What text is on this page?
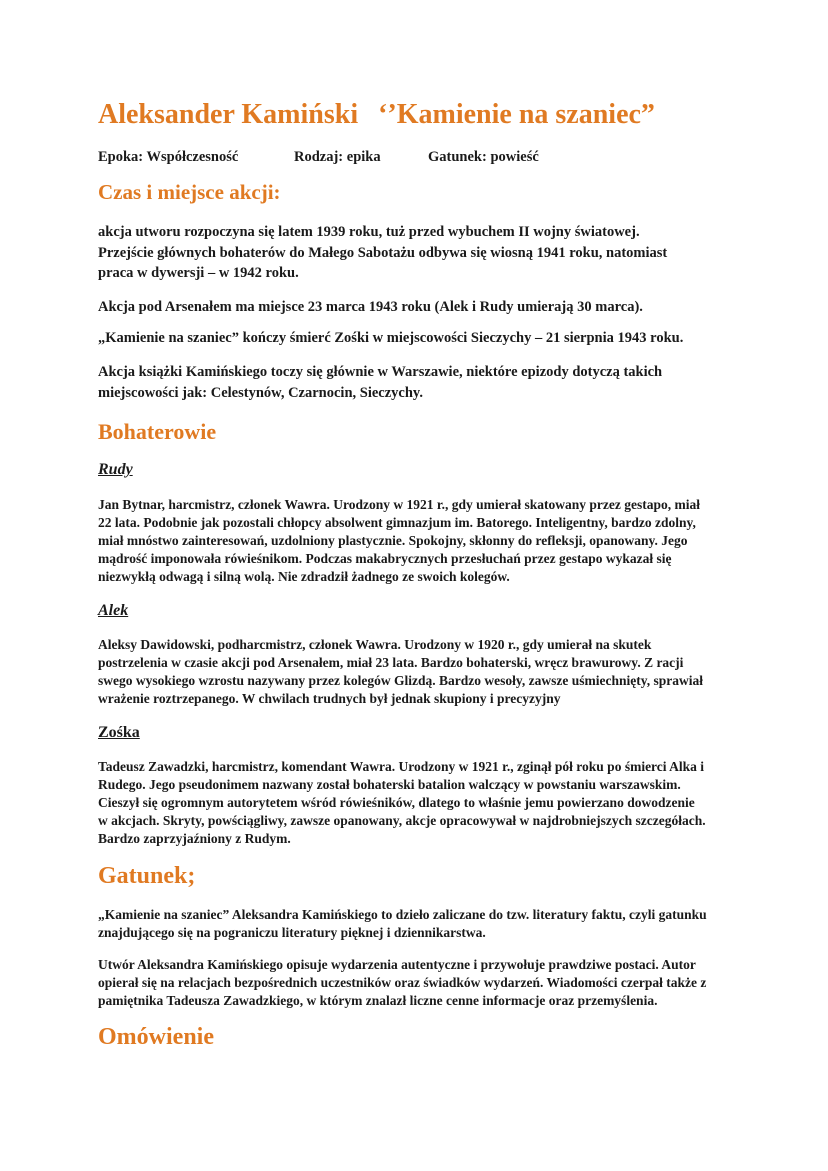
Aleksander Kamiński ‘’Kamienie na szaniec”
Epoka: Współczesność	Rodzaj: epika	Gatunek: powieść
Czas i miejsce akcji:
akcja utworu rozpoczyna się latem 1939 roku, tuż przed wybuchem II wojny światowej.
Przejście głównych bohaterów do Małego Sabotażu odbywa się wiosną 1941 roku, natomiast
praca w dywersji – w 1942 roku.
Akcja pod Arsenałem ma miejsce 23 marca 1943 roku (Alek i Rudy umierają 30 marca).
„Kamienie na szaniec” kończy śmierć Zośki w miejscowości Sieczychy – 21 sierpnia 1943 roku.
Akcja książki Kamińskiego toczy się głównie w Warszawie, niektóre epizody dotyczą takich
miejscowości jak: Celestynów, Czarnocin, Sieczychy.
Bohaterowie
Rudy
Jan Bytnar, harcmistrz, członek Wawra. Urodzony w 1921 r., gdy umierał skatowany przez gestapo, miał
22 lata. Podobnie jak pozostali chłopcy absolwent gimnazjum im. Batorego. Inteligentny, bardzo zdolny,
miał mnóstwo zainteresowań, uzdolniony plastycznie. Spokojny, skłonny do refleksji, opanowany. Jego
mądrość imponowała rówieśnikom. Podczas makabrycznych przesłuchań przez gestapo wykazał się
niezwykłą odwagą i silną wolą. Nie zdradził żadnego ze swoich kolegów.
Alek
Aleksy Dawidowski, podharcmistrz, członek Wawra. Urodzony w 1920 r., gdy umierał na skutek
postrzelenia w czasie akcji pod Arsenałem, miał 23 lata. Bardzo bohaterski, wręcz brawurowy. Z racji
swego wysokiego wzrostu nazywany przez kolegów Glizdą. Bardzo wesoły, zawsze uśmiechnięty, sprawiał
wrażenie roztrzepanego. W chwilach trudnych był jednak skupiony i precyzyjny
Zośka
Tadeusz Zawadzki, harcmistrz, komendant Wawra. Urodzony w 1921 r., zginął pół roku po śmierci Alka i
Rudego. Jego pseudonimem nazwany został bohaterski batalion walczący w powstaniu warszawskim.
Cieszył się ogromnym autorytetem wśród rówieśników, dlatego to właśnie jemu powierzano dowodzenie
w akcjach. Skryty, powściągliwy, zawsze opanowany, akcje opracowywał w najdrobniejszych szczegółach.
Bardzo zaprzyjaźniony z Rudym.
Gatunek;
„Kamienie na szaniec” Aleksandra Kamińskiego to dzieło zaliczane do tzw. literatury faktu, czyli gatunku
znajdującego się na pograniczu literatury pięknej i dziennikarstwa.
Utwór Aleksandra Kamińskiego opisuje wydarzenia autentyczne i przywołuje prawdziwe postaci. Autor
opierał się na relacjach bezpośrednich uczestników oraz świadków wydarzeń. Wiadomości czerpał także z
pamiętnika Tadeusza Zawadzkiego, w którym znalazł liczne cenne informacje oraz przemyślenia.
Omówienie
